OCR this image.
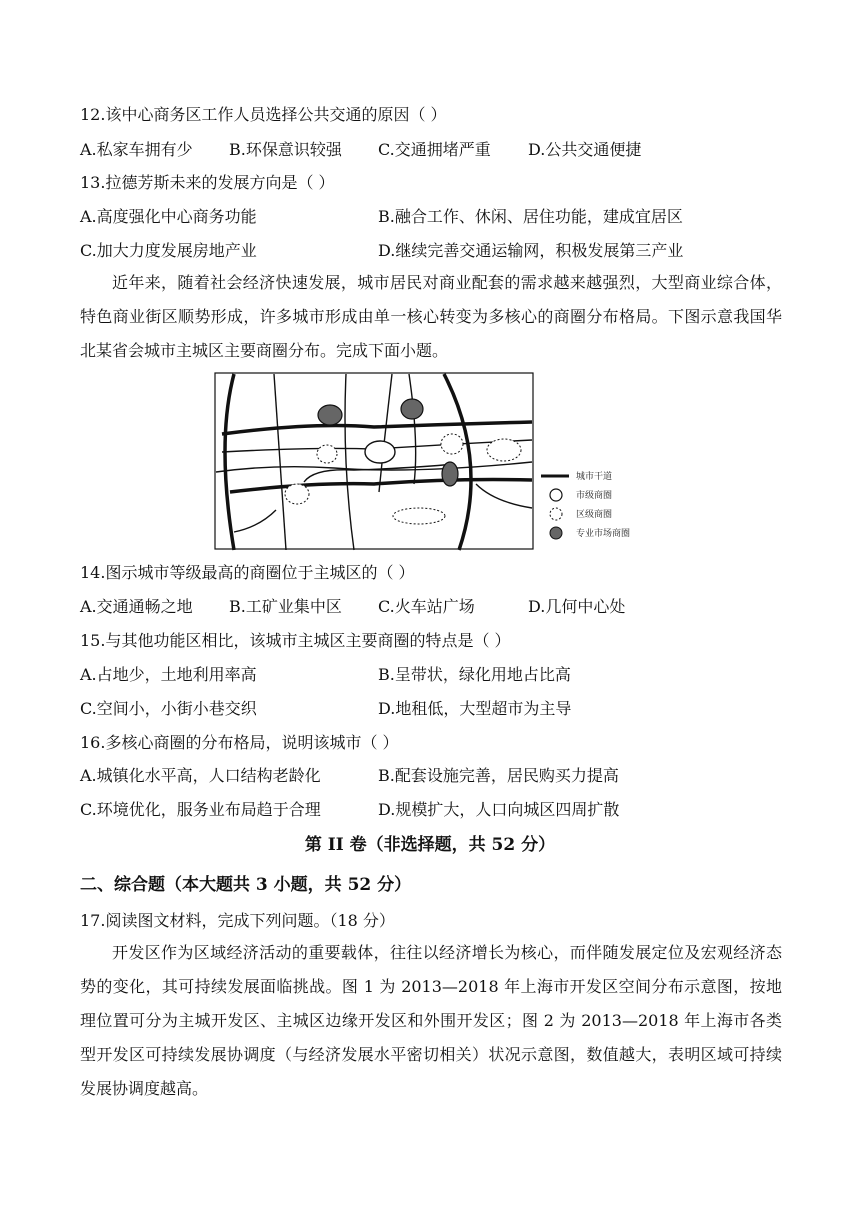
12.该中心商务区工作人员选择公共交通的原因（ ）
A.私家车拥有少 B.环保意识较强 C.交通拥堵严重 D.公共交通便捷
13.拉德芳斯未来的发展方向是（ ）
A.高度强化中心商务功能	B.融合工作、休闲、居住功能，建成宜居区
C.加大力度发展房地产业	D.继续完善交通运输网，积极发展第三产业

近年来，随着社会经济快速发展，城市居民对商业配套的需求越来越强烈，大型商业综合体，特色商业街区顺势形成，许多城市形成由单一核心转变为多核心的商圈分布格局。下图示意我国华北某省会城市主城区主要商圈分布。完成下面小题。

城市干道
市级商圈
区级商圈
专业市场商圈
14.图示城市等级最高的商圈位于主城区的（ ）
A.交通通畅之地 B.工矿业集中区 C.火车站广场	D.几何中心处
15.与其他功能区相比，该城市主城区主要商圈的特点是（ ）
A.占地少，土地利用率高	B.呈带状，绿化用地占比高
C.空间小，小街小巷交织	D.地租低，大型超市为主导
16.多核心商圈的分布格局，说明该城市（ ）
A.城镇化水平高，人口结构老龄化	B.配套设施完善，居民购买力提高
C.环境优化，服务业布局趋于合理	D.规模扩大，人口向城区四周扩散
第 II 卷（非选择题，共 52 分）
二、综合题（本大题共 3 小题，共 52 分）
17.阅读图文材料，完成下列问题。（18 分）

开发区作为区域经济活动的重要载体，往往以经济增长为核心，而伴随发展定位及宏观经济态势的变化，其可持续发展面临挑战。图 1 为 2013—2018 年上海市开发区空间分布示意图，按地理位置可分为主城开发区、主城区边缘开发区和外围开发区；图 2 为 2013—2018 年上海市各类型开发区可持续发展协调度（与经济发展水平密切相关）状况示意图，数值越大，表明区域可持续发展协调度越高。
